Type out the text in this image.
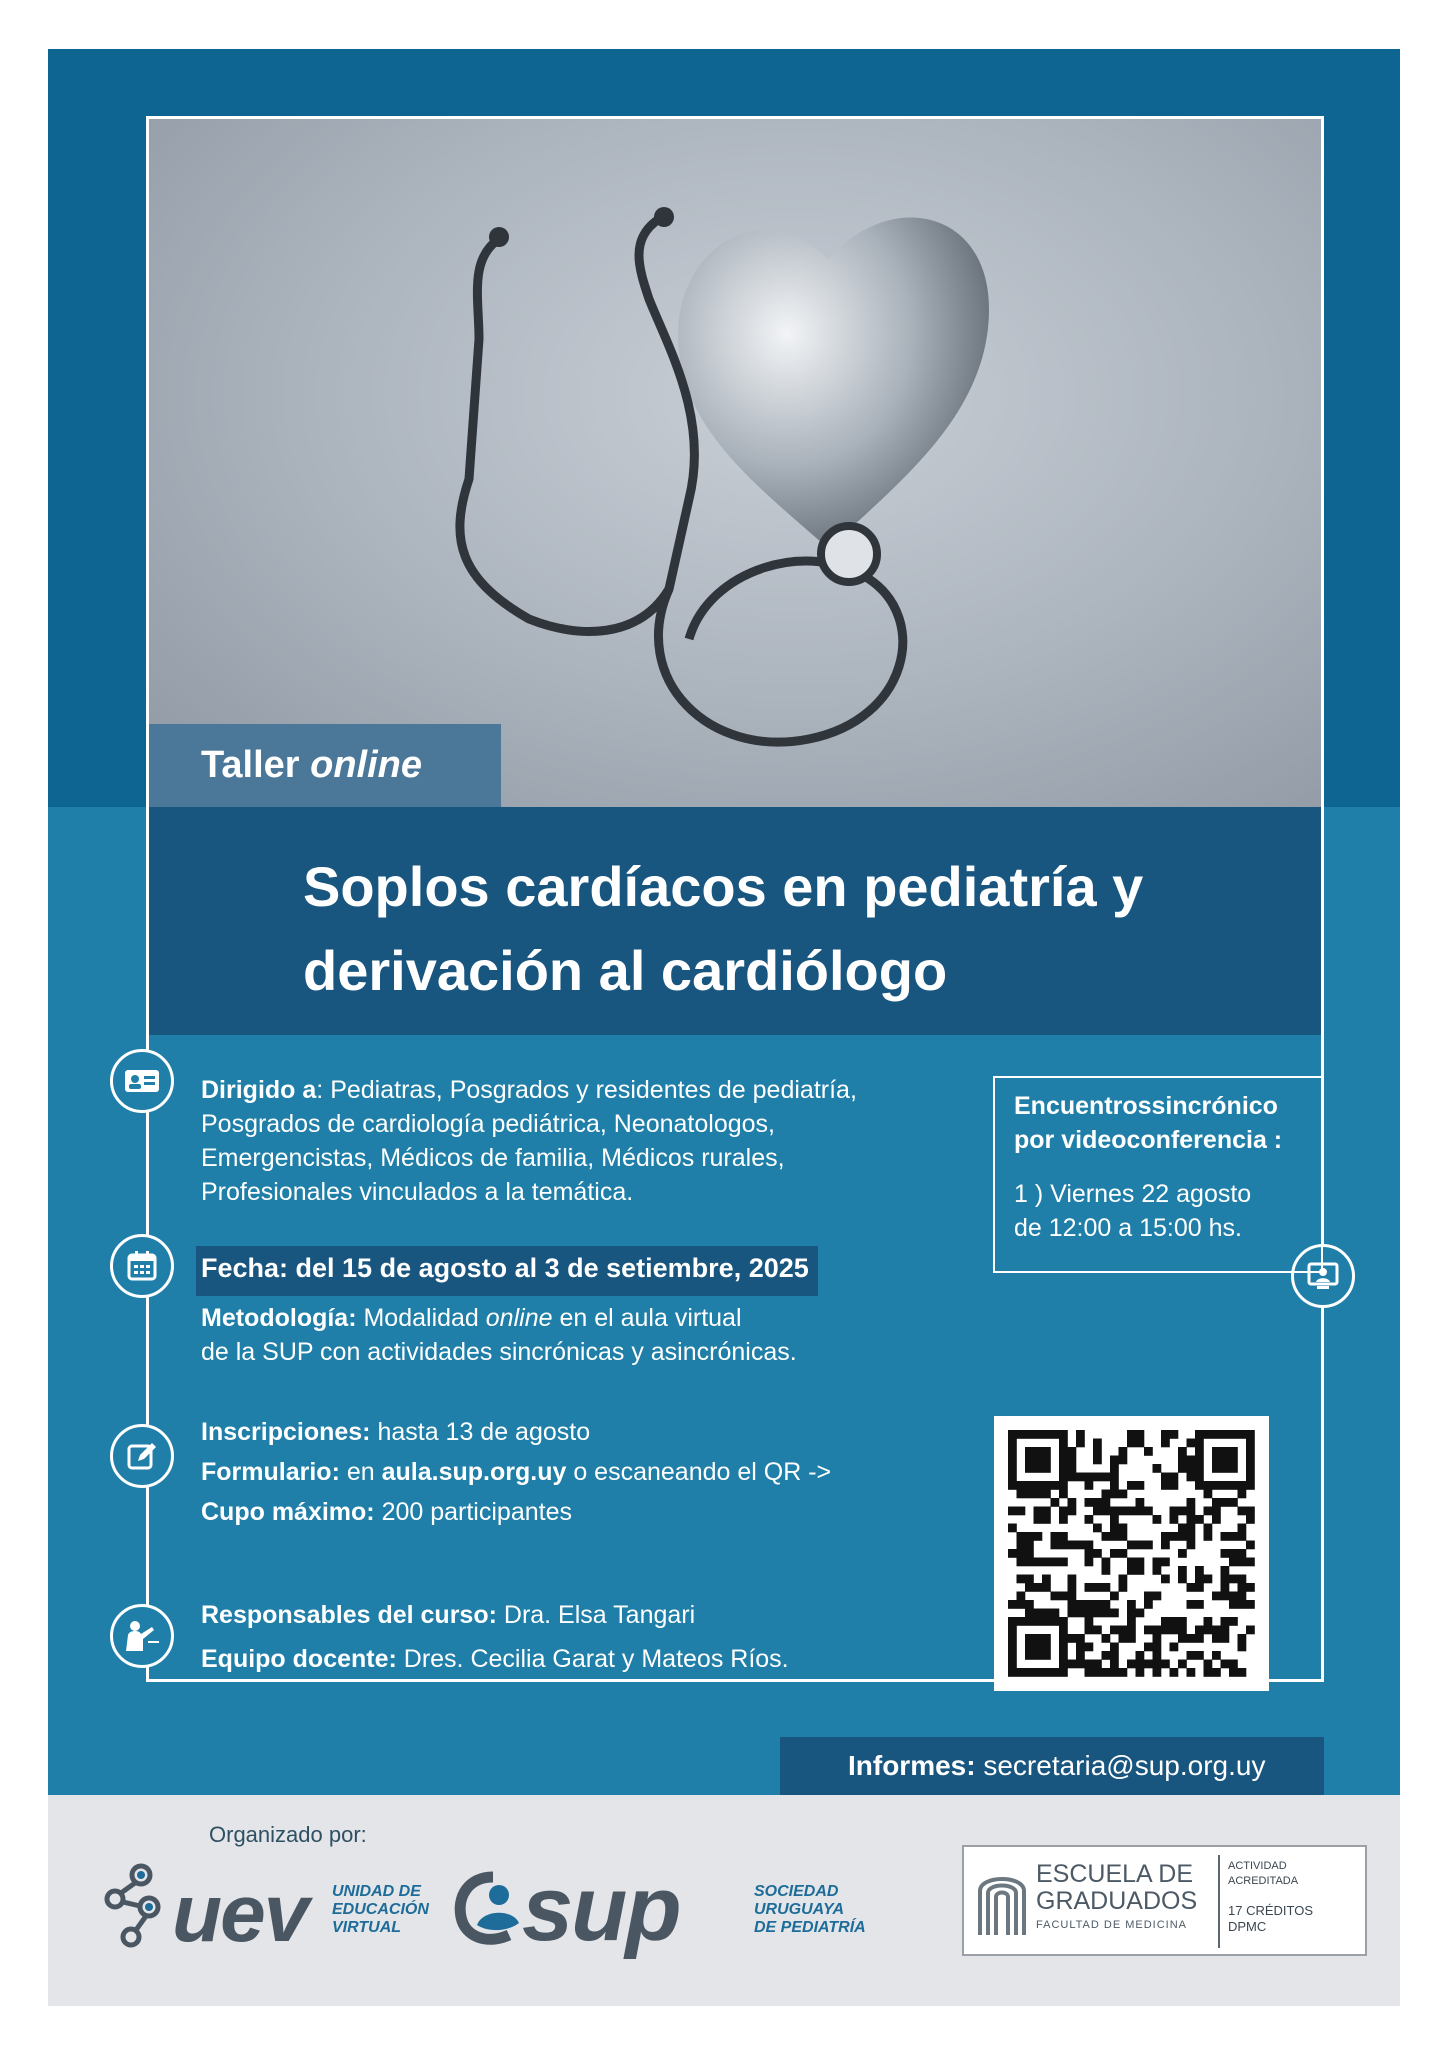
Taller online
Soplos cardíacos en pediatría y
derivación al cardiólogo
Dirigido a: Pediatras, Posgrados y residentes de pediatría,
Posgrados de cardiología pediátrica, Neonatologos,
Emergencistas, Médicos de familia, Médicos rurales,
Profesionales vinculados a la temática.
Fecha: del 15 de agosto al 3 de setiembre, 2025
Metodología: Modalidad online en el aula virtual
de la SUP con actividades sincrónicas y asincrónicas.
Inscripciones: hasta 13 de agosto
Formulario: en aula.sup.org.uy o escaneando el QR ->
Cupo máximo: 200 participantes
Responsables del curso: Dra. Elsa Tangari
Equipo docente: Dres. Cecilia Garat y Mateos Ríos.
Encuentrossincrónico
por videoconferencia :
1 ) Viernes 22 agosto
de 12:00 a 15:00 hs.
Informes: secretaria@sup.org.uy
Organizado por:
uev UNIDAD DE
EDUCACIÓN
VIRTUAL	sup	SOCIEDAD
URUGUAYA
DE PEDIATRÍA
ESCUELA DE
GRADUADOS
FACULTAD DE MEDICINA
ACTIVIDAD
ACREDITADA
17 CRÉDITOS
DPMC
